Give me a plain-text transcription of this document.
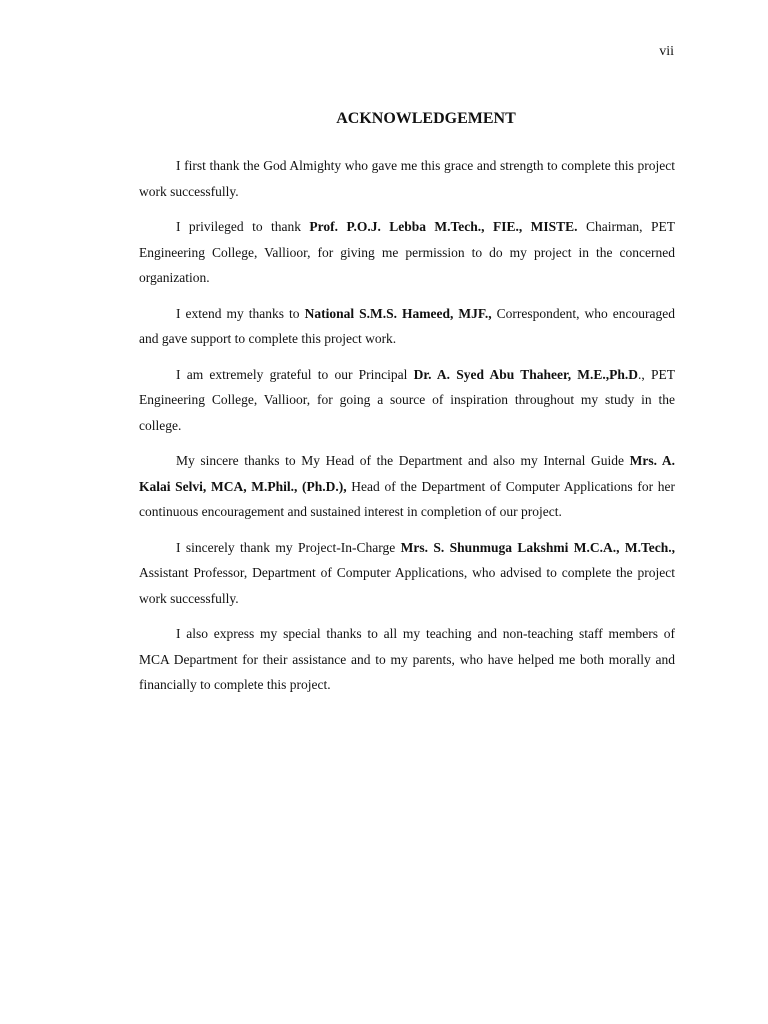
vii
ACKNOWLEDGEMENT

I first thank the God Almighty who gave me this grace and strength to complete this project work successfully.

I privileged to thank Prof. P.O.J. Lebba M.Tech., FIE., MISTE. Chairman, PET Engineering College, Vallioor, for giving me permission to do my project in the concerned organization.

I extend my thanks to National S.M.S. Hameed, MJF., Correspondent, who encouraged and gave support to complete this project work.

I am extremely grateful to our Principal Dr. A. Syed Abu Thaheer, M.E.,Ph.D., PET Engineering College, Vallioor, for going a source of inspiration throughout my study in the college.

My sincere thanks to My Head of the Department and also my Internal Guide Mrs. A. Kalai Selvi, MCA, M.Phil., (Ph.D.), Head of the Department of Computer Applications for her continuous encouragement and sustained interest in completion of our project.

I sincerely thank my Project-In-Charge Mrs. S. Shunmuga Lakshmi M.C.A., M.Tech., Assistant Professor, Department of Computer Applications, who advised to complete the project work successfully.

I also express my special thanks to all my teaching and non-teaching staff members of MCA Department for their assistance and to my parents, who have helped me both morally and financially to complete this project.
